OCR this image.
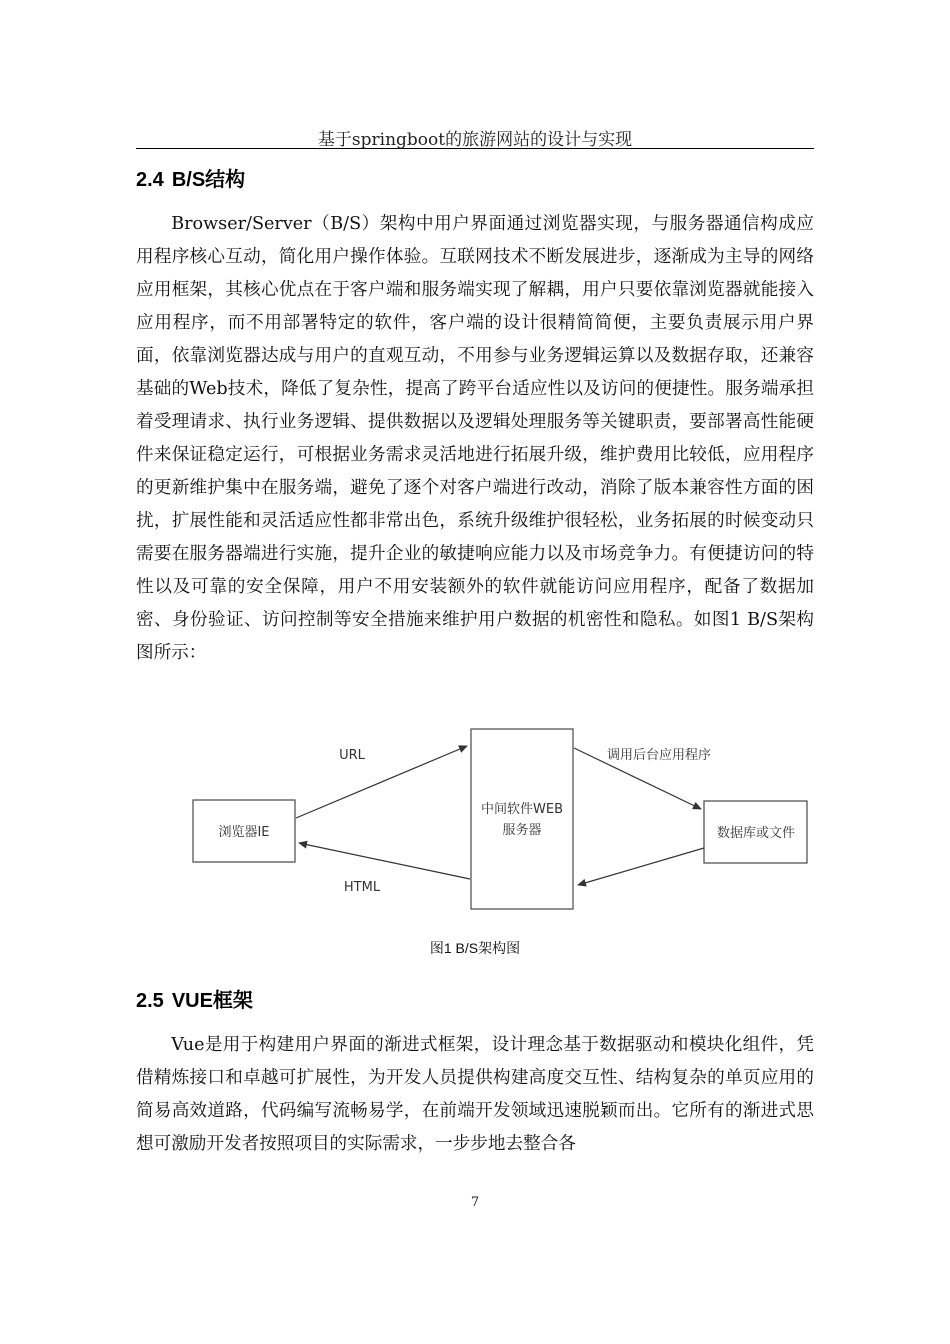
基于springboot的旅游网站的设计与实现
2.4 B/S结构

Browser/Server（B/S）架构中用户界面通过浏览器实现，与服务器通信构成应用程序核心互动，简化用户操作体验。互联网技术不断发展进步，逐渐成为主导的网络应用框架，其核心优点在于客户端和服务端实现了解耦，用户只要依靠浏览器就能接入应用程序，而不用部署特定的软件，客户端的设计很精简简便，主要负责展示用户界面，依靠浏览器达成与用户的直观互动，不用参与业务逻辑运算以及数据存取，还兼容基础的Web技术，降低了复杂性，提高了跨平台适应性以及访问的便捷性。服务端承担着受理请求、执行业务逻辑、提供数据以及逻辑处理服务等关键职责，要部署高性能硬件来保证稳定运行，可根据业务需求灵活地进行拓展升级，维护费用比较低，应用程序的更新维护集中在服务端，避免了逐个对客户端进行改动，消除了版本兼容性方面的困扰，扩展性能和灵活适应性都非常出色，系统升级维护很轻松，业务拓展的时候变动只需要在服务器端进行实施，提升企业的敏捷响应能力以及市场竞争力。有便捷访问的特性以及可靠的安全保障，用户不用安装额外的软件就能访问应用程序，配备了数据加密、身份验证、访问控制等安全措施来维护用户数据的机密性和隐私。如图1 B/S架构图所示：

浏览器IE
中间软件WEB
服务器	数据库或文件
URL
HTML
调用后台应用程序
图1 B/S架构图
2.5 VUE框架

Vue是用于构建用户界面的渐进式框架，设计理念基于数据驱动和模块化组件，凭借精炼接口和卓越可扩展性，为开发人员提供构建高度交互性、结构复杂的单页应用的简易高效道路，代码编写流畅易学，在前端开发领域迅速脱颖而出。它所有的渐进式思想可激励开发者按照项目的实际需求，一步步地去整合各

7
